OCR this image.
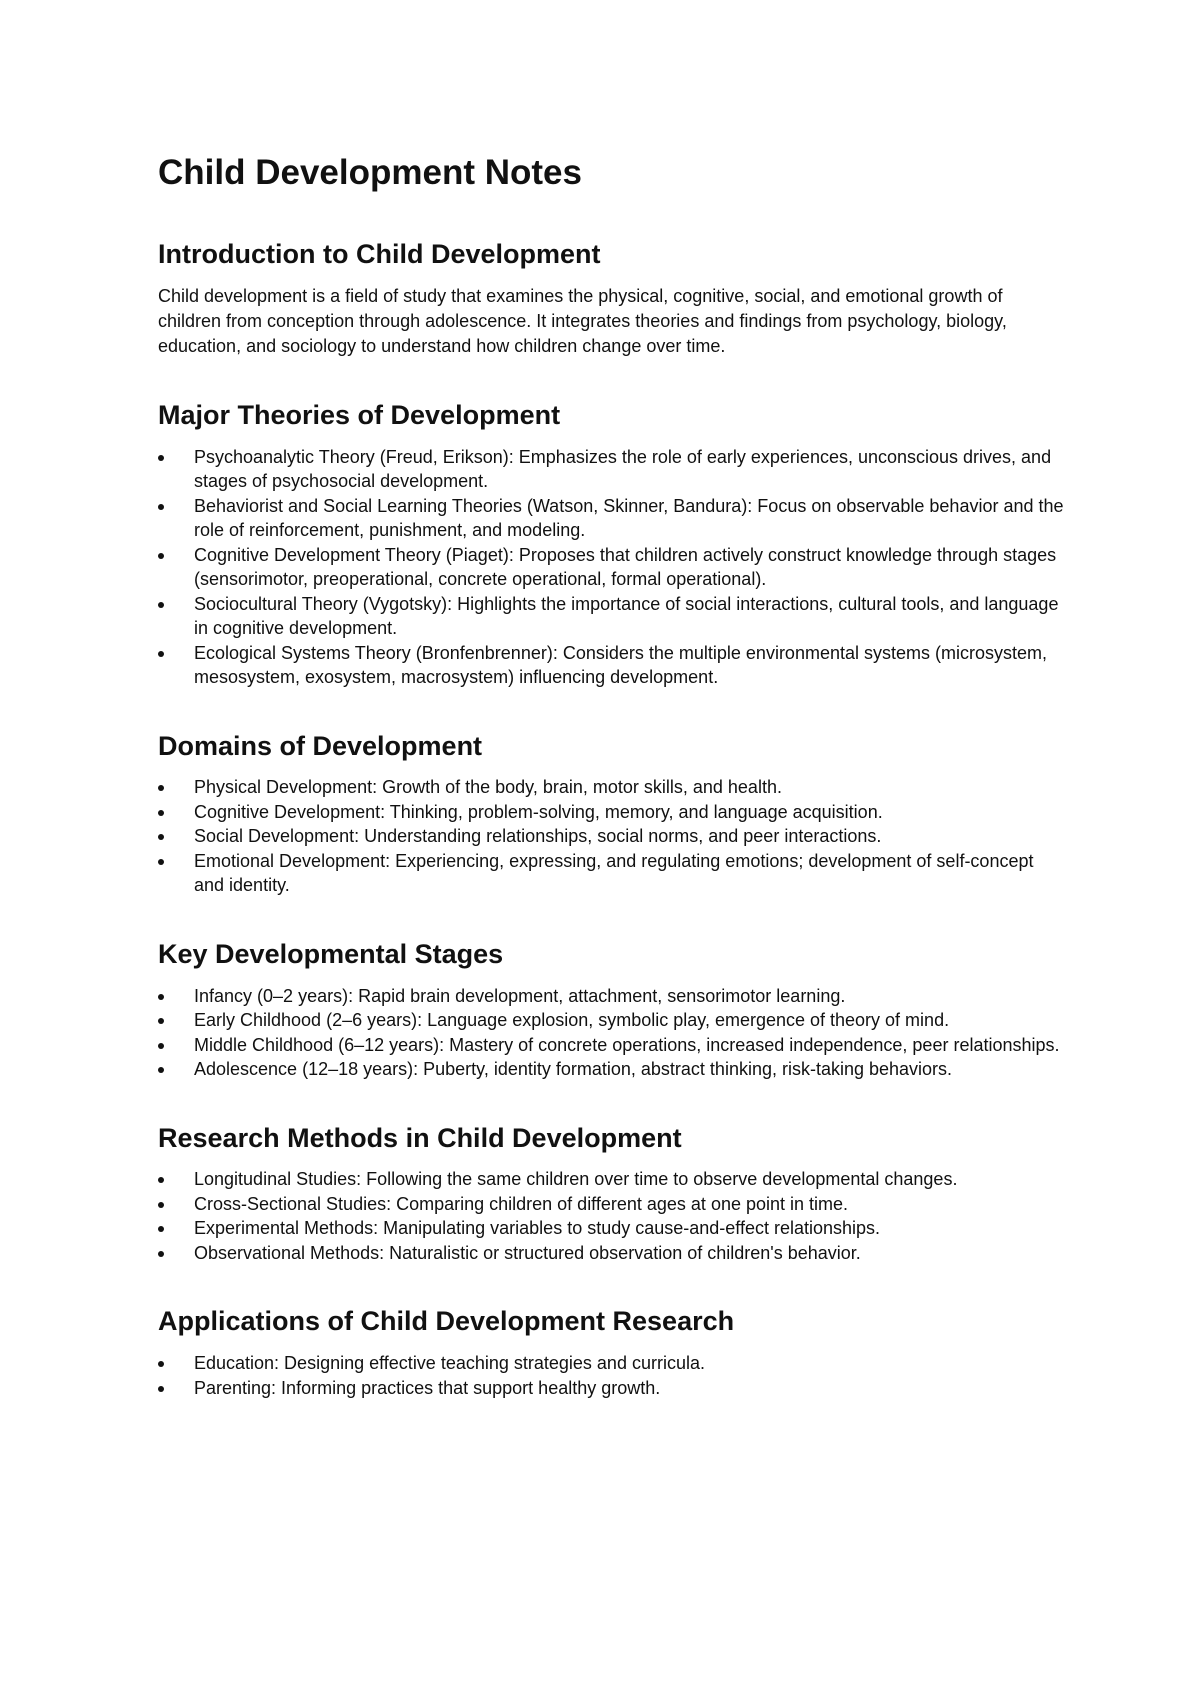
Child Development Notes
Introduction to Child Development

Child development is a field of study that examines the physical, cognitive, social, and emotional growth of children from conception through adolescence. It integrates theories and findings from psychology, biology, education, and sociology to understand how children change over time.

Major Theories of Development
Psychoanalytic Theory (Freud, Erikson): Emphasizes the role of early experiences, unconscious drives, and stages of psychosocial development.
Behaviorist and Social Learning Theories (Watson, Skinner, Bandura): Focus on observable behavior and the role of reinforcement, punishment, and modeling.
Cognitive Development Theory (Piaget): Proposes that children actively construct knowledge through stages (sensorimotor, preoperational, concrete operational, formal operational).
Sociocultural Theory (Vygotsky): Highlights the importance of social interactions, cultural tools, and language in cognitive development.
Ecological Systems Theory (Bronfenbrenner): Considers the multiple environmental systems (microsystem, mesosystem, exosystem, macrosystem) influencing development.
Domains of Development
Physical Development: Growth of the body, brain, motor skills, and health.
Cognitive Development: Thinking, problem-solving, memory, and language acquisition.
Social Development: Understanding relationships, social norms, and peer interactions.
Emotional Development: Experiencing, expressing, and regulating emotions; development of self-concept and identity.
Key Developmental Stages
Infancy (0–2 years): Rapid brain development, attachment, sensorimotor learning.
Early Childhood (2–6 years): Language explosion, symbolic play, emergence of theory of mind.
Middle Childhood (6–12 years): Mastery of concrete operations, increased independence, peer relationships.
Adolescence (12–18 years): Puberty, identity formation, abstract thinking, risk-taking behaviors.
Research Methods in Child Development
Longitudinal Studies: Following the same children over time to observe developmental changes.
Cross-Sectional Studies: Comparing children of different ages at one point in time.
Experimental Methods: Manipulating variables to study cause-and-effect relationships.
Observational Methods: Naturalistic or structured observation of children's behavior.
Applications of Child Development Research
Education: Designing effective teaching strategies and curricula.
Parenting: Informing practices that support healthy growth.
